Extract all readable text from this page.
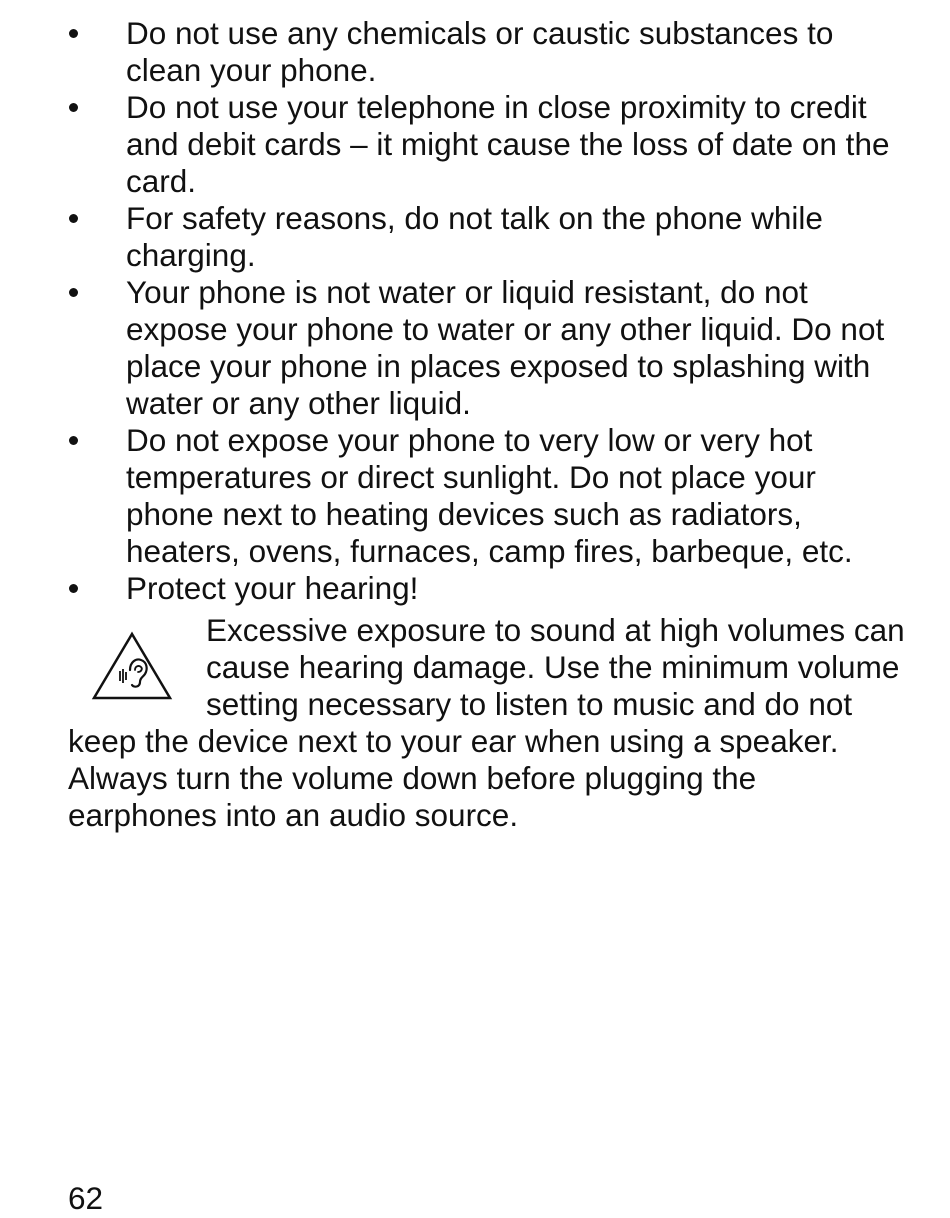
Do not use any chemicals or caustic substances to clean your phone.
Do not use your telephone in close proximity to credit and debit cards – it might cause the loss of date on the card.
For safety reasons, do not talk on the phone while charging.
Your phone is not water or liquid resistant, do not expose your phone to water or any other liquid. Do not place your phone in places exposed to splashing with water or any other liquid.
Do not expose your phone to very low or very hot temperatures or direct sunlight. Do not place your phone next to heating devices such as radiators, heaters, ovens, furnaces, camp fires, barbeque, etc.
Protect your hearing!
Excessive exposure to sound at high volumes can cause hearing damage. Use the minimum volume setting necessary to listen to music and do not keep the device next to your ear when using a speaker. Always turn the volume down before plugging the earphones into an audio source.
62
